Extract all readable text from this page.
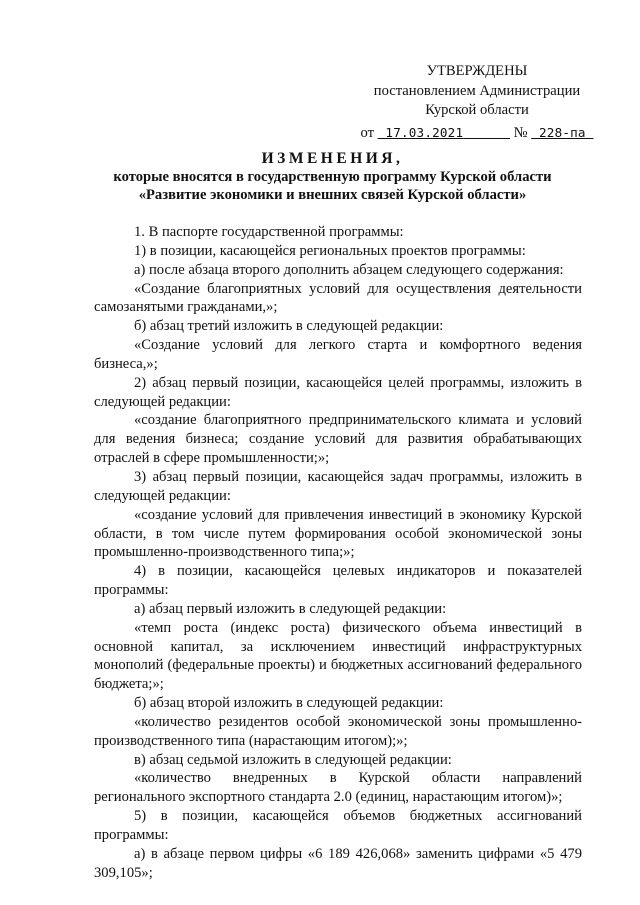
УТВЕРЖДЕНЫ
постановлением Администрации
Курской области
от 17.03.2021	№ 228-па
ИЗМЕНЕНИЯ,
которые вносятся в государственную программу Курской области
«Развитие экономики и внешних связей Курской области»

1. В паспорте государственной программы:

1) в позиции, касающейся региональных проектов программы:

а) после абзаца второго дополнить абзацем следующего содержания:

«Создание благоприятных условий для осуществления деятельности самозанятыми гражданами,»;

б) абзац третий изложить в следующей редакции:

«Создание условий для легкого старта и комфортного ведения бизнеса,»;

2) абзац первый позиции, касающейся целей программы, изложить в следующей редакции:

«создание благоприятного предпринимательского климата и условий для ведения бизнеса; создание условий для развития обрабатывающих отраслей в сфере промышленности;»;

3) абзац первый позиции, касающейся задач программы, изложить в следующей редакции:

«создание условий для привлечения инвестиций в экономику Курской области, в том числе путем формирования особой экономической зоны промышленно-производственного типа;»;

4) в позиции, касающейся целевых индикаторов и показателей программы:

а) абзац первый изложить в следующей редакции:

«темп роста (индекс роста) физического объема инвестиций в основной капитал, за исключением инвестиций инфраструктурных монополий (федеральные проекты) и бюджетных ассигнований федерального бюджета;»;

б) абзац второй изложить в следующей редакции:

«количество резидентов особой экономической зоны промышленно-производственного типа (нарастающим итогом);»;

в) абзац седьмой изложить в следующей редакции:

«количество внедренных в Курской области направлений регионального экспортного стандарта 2.0 (единиц, нарастающим итогом)»;

5) в позиции, касающейся объемов бюджетных ассигнований программы:

а) в абзаце первом цифры «6 189 426,068» заменить цифрами «5 479 309,105»;
